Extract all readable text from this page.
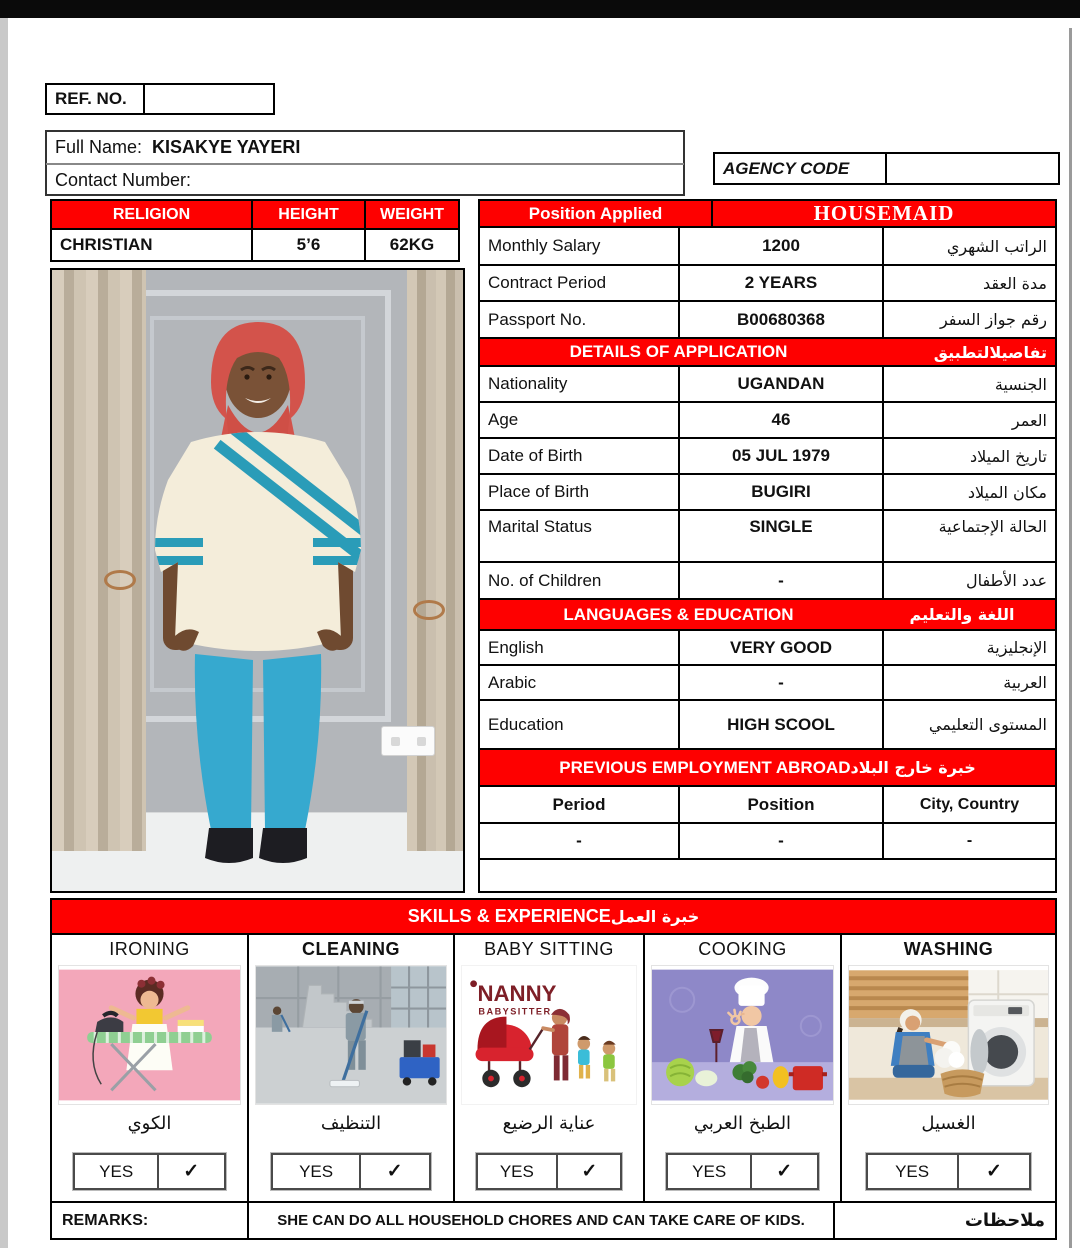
REF. NO.
Full Name: KISAKYE YAYERI
Contact Number:
AGENCY CODE
RELIGION	HEIGHT	WEIGHT
CHRISTIAN	5’6	62KG
Position Applied	HOUSEMAID
Monthly Salary	1200	الراتب الشهري
Contract Period	2 YEARS	مدة العقد
Passport No.	B00680368	رقم جواز السفر
DETAILS OF APPLICATION	تفاصيلالتطبيق
Nationality	UGANDAN	الجنسية
Age	46	العمر
Date of Birth	05 JUL 1979	تاريخ الميلاد
Place of Birth	BUGIRI	مكان الميلاد
Marital Status	SINGLE	الحالة الإجتماعية
No. of Children	-	عدد الأطفال
LANGUAGES & EDUCATION	اللغة والتعليم
English	VERY GOOD	الإنجليزية
Arabic	-	العربية
Education	HIGH SCOOL	المستوى التعليمي
PREVIOUS EMPLOYMENT ABROAD خبرة خارج البلاد
Period	Position	City, Country
-	-	-
SKILLS & EXPERIENCE خبرة العمل
IRONING
الكوي
YES	✓
CLEANING
التنظيف
YES	✓
BABY SITTING
NANNY
BABYSITTER
عناية الرضيع
YES	✓
COOKING
الطبخ العربي
YES	✓
WASHING
الغسيل
YES	✓
REMARKS:	SHE CAN DO ALL HOUSEHOLD CHORES AND CAN TAKE CARE OF KIDS.	ملاحظات
